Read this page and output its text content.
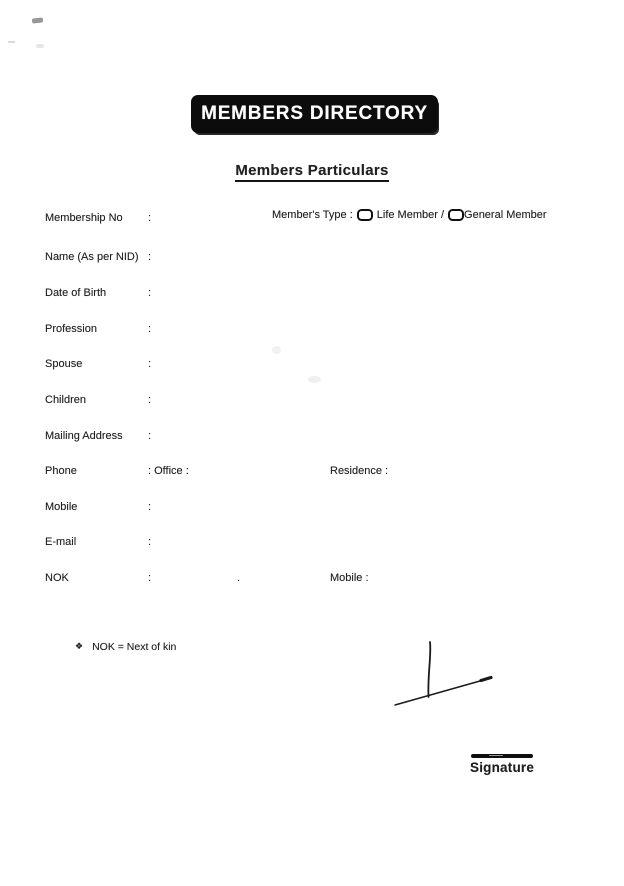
MEMBERS DIRECTORY
Members Particulars
Membership No :	Member's Type : Life Member / General Member
Name (As per NID) :
Date of Birth	:
Profession	:
Spouse	:
Children	:
Mailing Address :
Phone	: Office :	Residence :
Mobile	:
E-mail	:
NOK	:	.	Mobile :
❖ NOK = Next of kin
Signature
